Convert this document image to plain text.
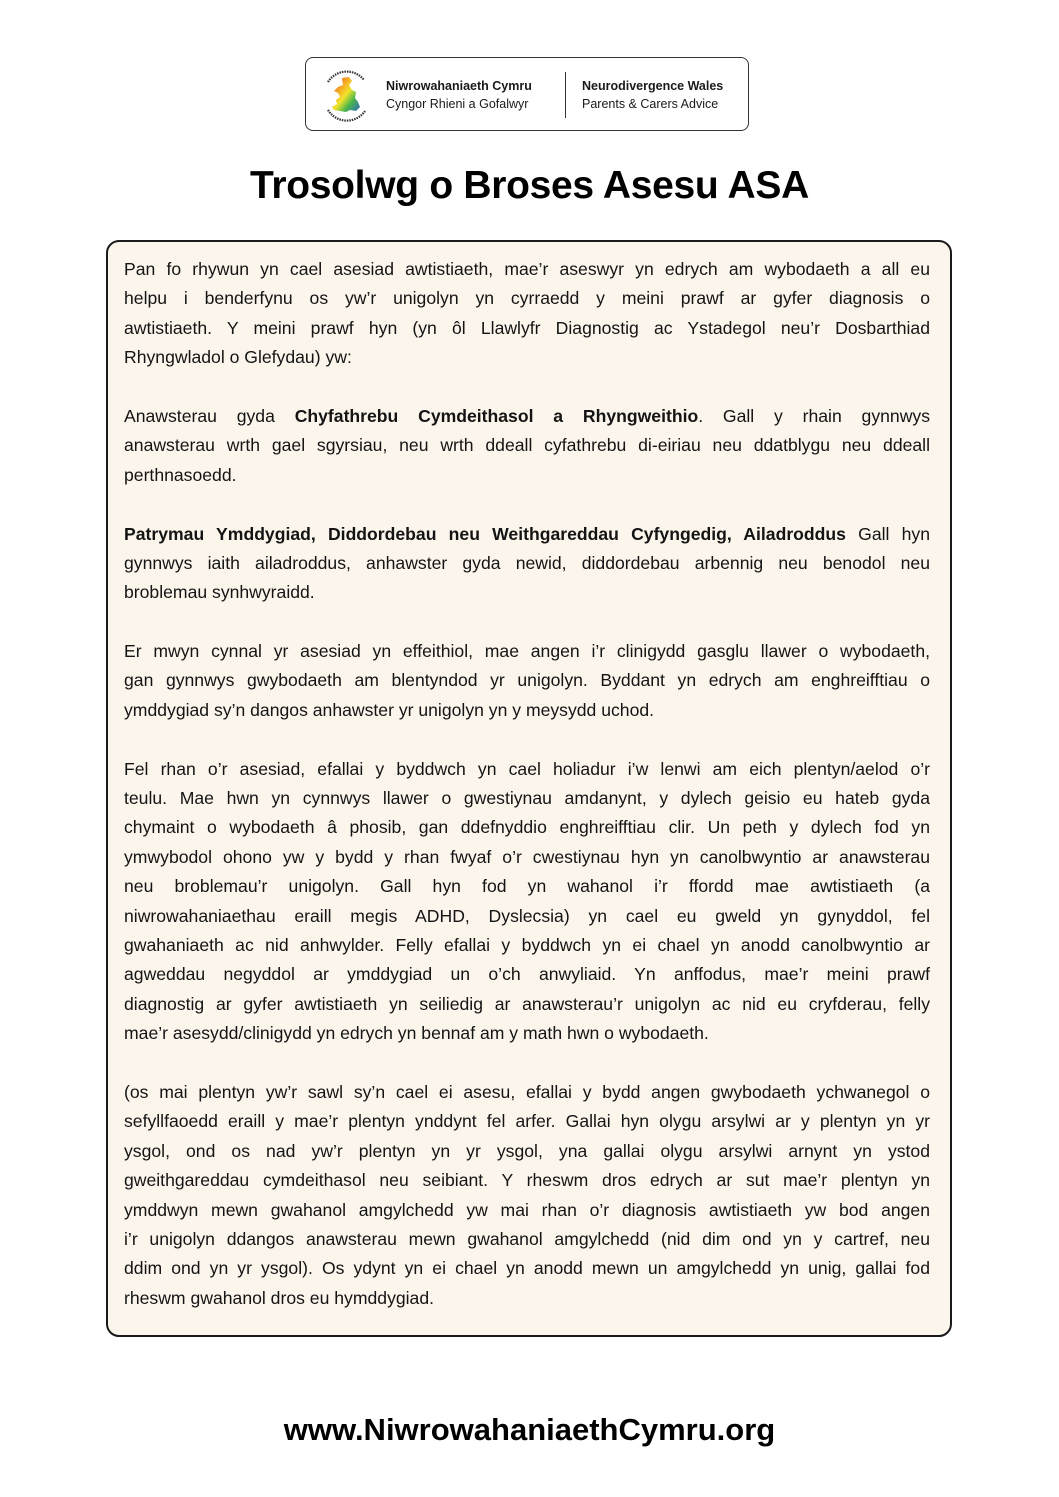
Niwrowahaniaeth Cymru
Cyngor Rhieni a Gofalwyr
Neurodivergence Wales
Parents & Carers Advice
Trosolwg o Broses Asesu ASA
Pan fo rhywun yn cael asesiad awtistiaeth, mae’r aseswyr yn edrych am wybodaeth a all eu
helpu i benderfynu os yw’r unigolyn yn cyrraedd y meini prawf ar gyfer diagnosis o
awtistiaeth. Y meini prawf hyn (yn ôl Llawlyfr Diagnostig ac Ystadegol neu’r Dosbarthiad
Rhyngwladol o Glefydau) yw:
Anawsterau gyda Chyfathrebu Cymdeithasol a Rhyngweithio. Gall y rhain gynnwys
anawsterau wrth gael sgyrsiau, neu wrth ddeall cyfathrebu di-eiriau neu ddatblygu neu ddeall
perthnasoedd.
Patrymau Ymddygiad, Diddordebau neu Weithgareddau Cyfyngedig, Ailadroddus Gall hyn
gynnwys iaith ailadroddus, anhawster gyda newid, diddordebau arbennig neu benodol neu
broblemau synhwyraidd.
Er mwyn cynnal yr asesiad yn effeithiol, mae angen i’r clinigydd gasglu llawer o wybodaeth,
gan gynnwys gwybodaeth am blentyndod yr unigolyn. Byddant yn edrych am enghreifftiau o
ymddygiad sy’n dangos anhawster yr unigolyn yn y meysydd uchod.
Fel rhan o’r asesiad, efallai y byddwch yn cael holiadur i’w lenwi am eich plentyn/aelod o’r
teulu. Mae hwn yn cynnwys llawer o gwestiynau amdanynt, y dylech geisio eu hateb gyda
chymaint o wybodaeth â phosib, gan ddefnyddio enghreifftiau clir. Un peth y dylech fod yn
ymwybodol ohono yw y bydd y rhan fwyaf o’r cwestiynau hyn yn canolbwyntio ar anawsterau
neu broblemau’r unigolyn. Gall hyn fod yn wahanol i’r ffordd mae awtistiaeth (a
niwrowahaniaethau eraill megis ADHD, Dyslecsia) yn cael eu gweld yn gynyddol, fel
gwahaniaeth ac nid anhwylder. Felly efallai y byddwch yn ei chael yn anodd canolbwyntio ar
agweddau negyddol ar ymddygiad un o’ch anwyliaid. Yn anffodus, mae’r meini prawf
diagnostig ar gyfer awtistiaeth yn seiliedig ar anawsterau’r unigolyn ac nid eu cryfderau, felly
mae’r asesydd/clinigydd yn edrych yn bennaf am y math hwn o wybodaeth.
(os mai plentyn yw’r sawl sy’n cael ei asesu, efallai y bydd angen gwybodaeth ychwanegol o
sefyllfaoedd eraill y mae’r plentyn ynddynt fel arfer. Gallai hyn olygu arsylwi ar y plentyn yn yr
ysgol, ond os nad yw’r plentyn yn yr ysgol, yna gallai olygu arsylwi arnynt yn ystod
gweithgareddau cymdeithasol neu seibiant. Y rheswm dros edrych ar sut mae’r plentyn yn
ymddwyn mewn gwahanol amgylchedd yw mai rhan o’r diagnosis awtistiaeth yw bod angen
i’r unigolyn ddangos anawsterau mewn gwahanol amgylchedd (nid dim ond yn y cartref, neu
ddim ond yn yr ysgol). Os ydynt yn ei chael yn anodd mewn un amgylchedd yn unig, gallai fod
rheswm gwahanol dros eu hymddygiad.
www.NiwrowahaniaethCymru.org
